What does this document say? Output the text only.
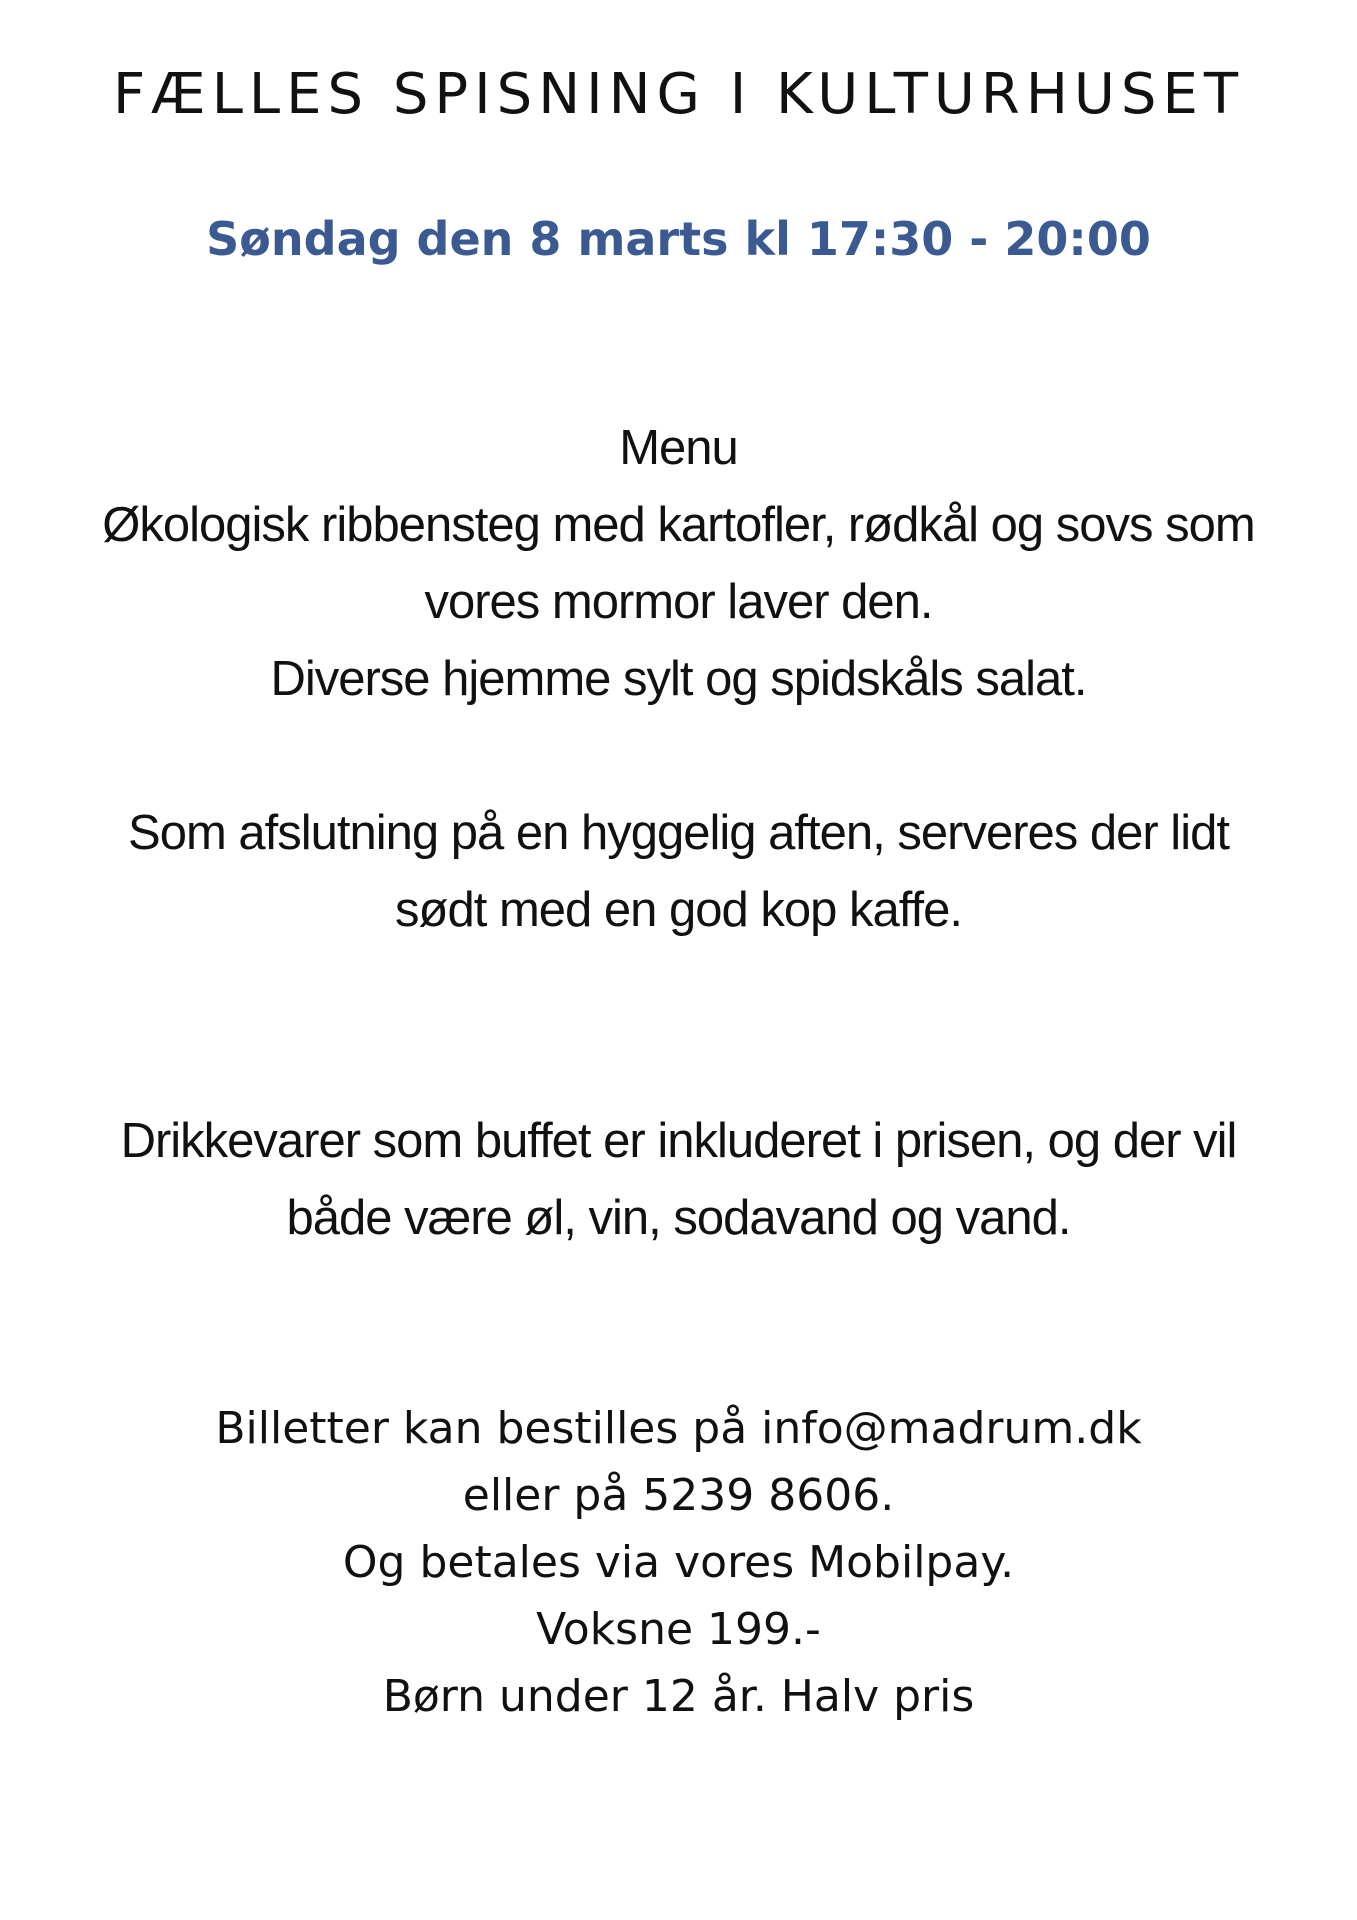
FÆLLES SPISNING I KULTURHUSET
Søndag den 8 marts kl 17:30 - 20:00
Menu
Økologisk ribbensteg med kartofler, rødkål og sovs som
vores mormor laver den.
Diverse hjemme sylt og spidskåls salat.
Som afslutning på en hyggelig aften, serveres der lidt
sødt med en god kop kaffe.
Drikkevarer som buffet er inkluderet i prisen, og der vil
både være øl, vin, sodavand og vand.
Billetter kan bestilles på info@madrum.dk
eller på 5239 8606.
Og betales via vores Mobilpay.
Voksne 199.-
Børn under 12 år. Halv pris
